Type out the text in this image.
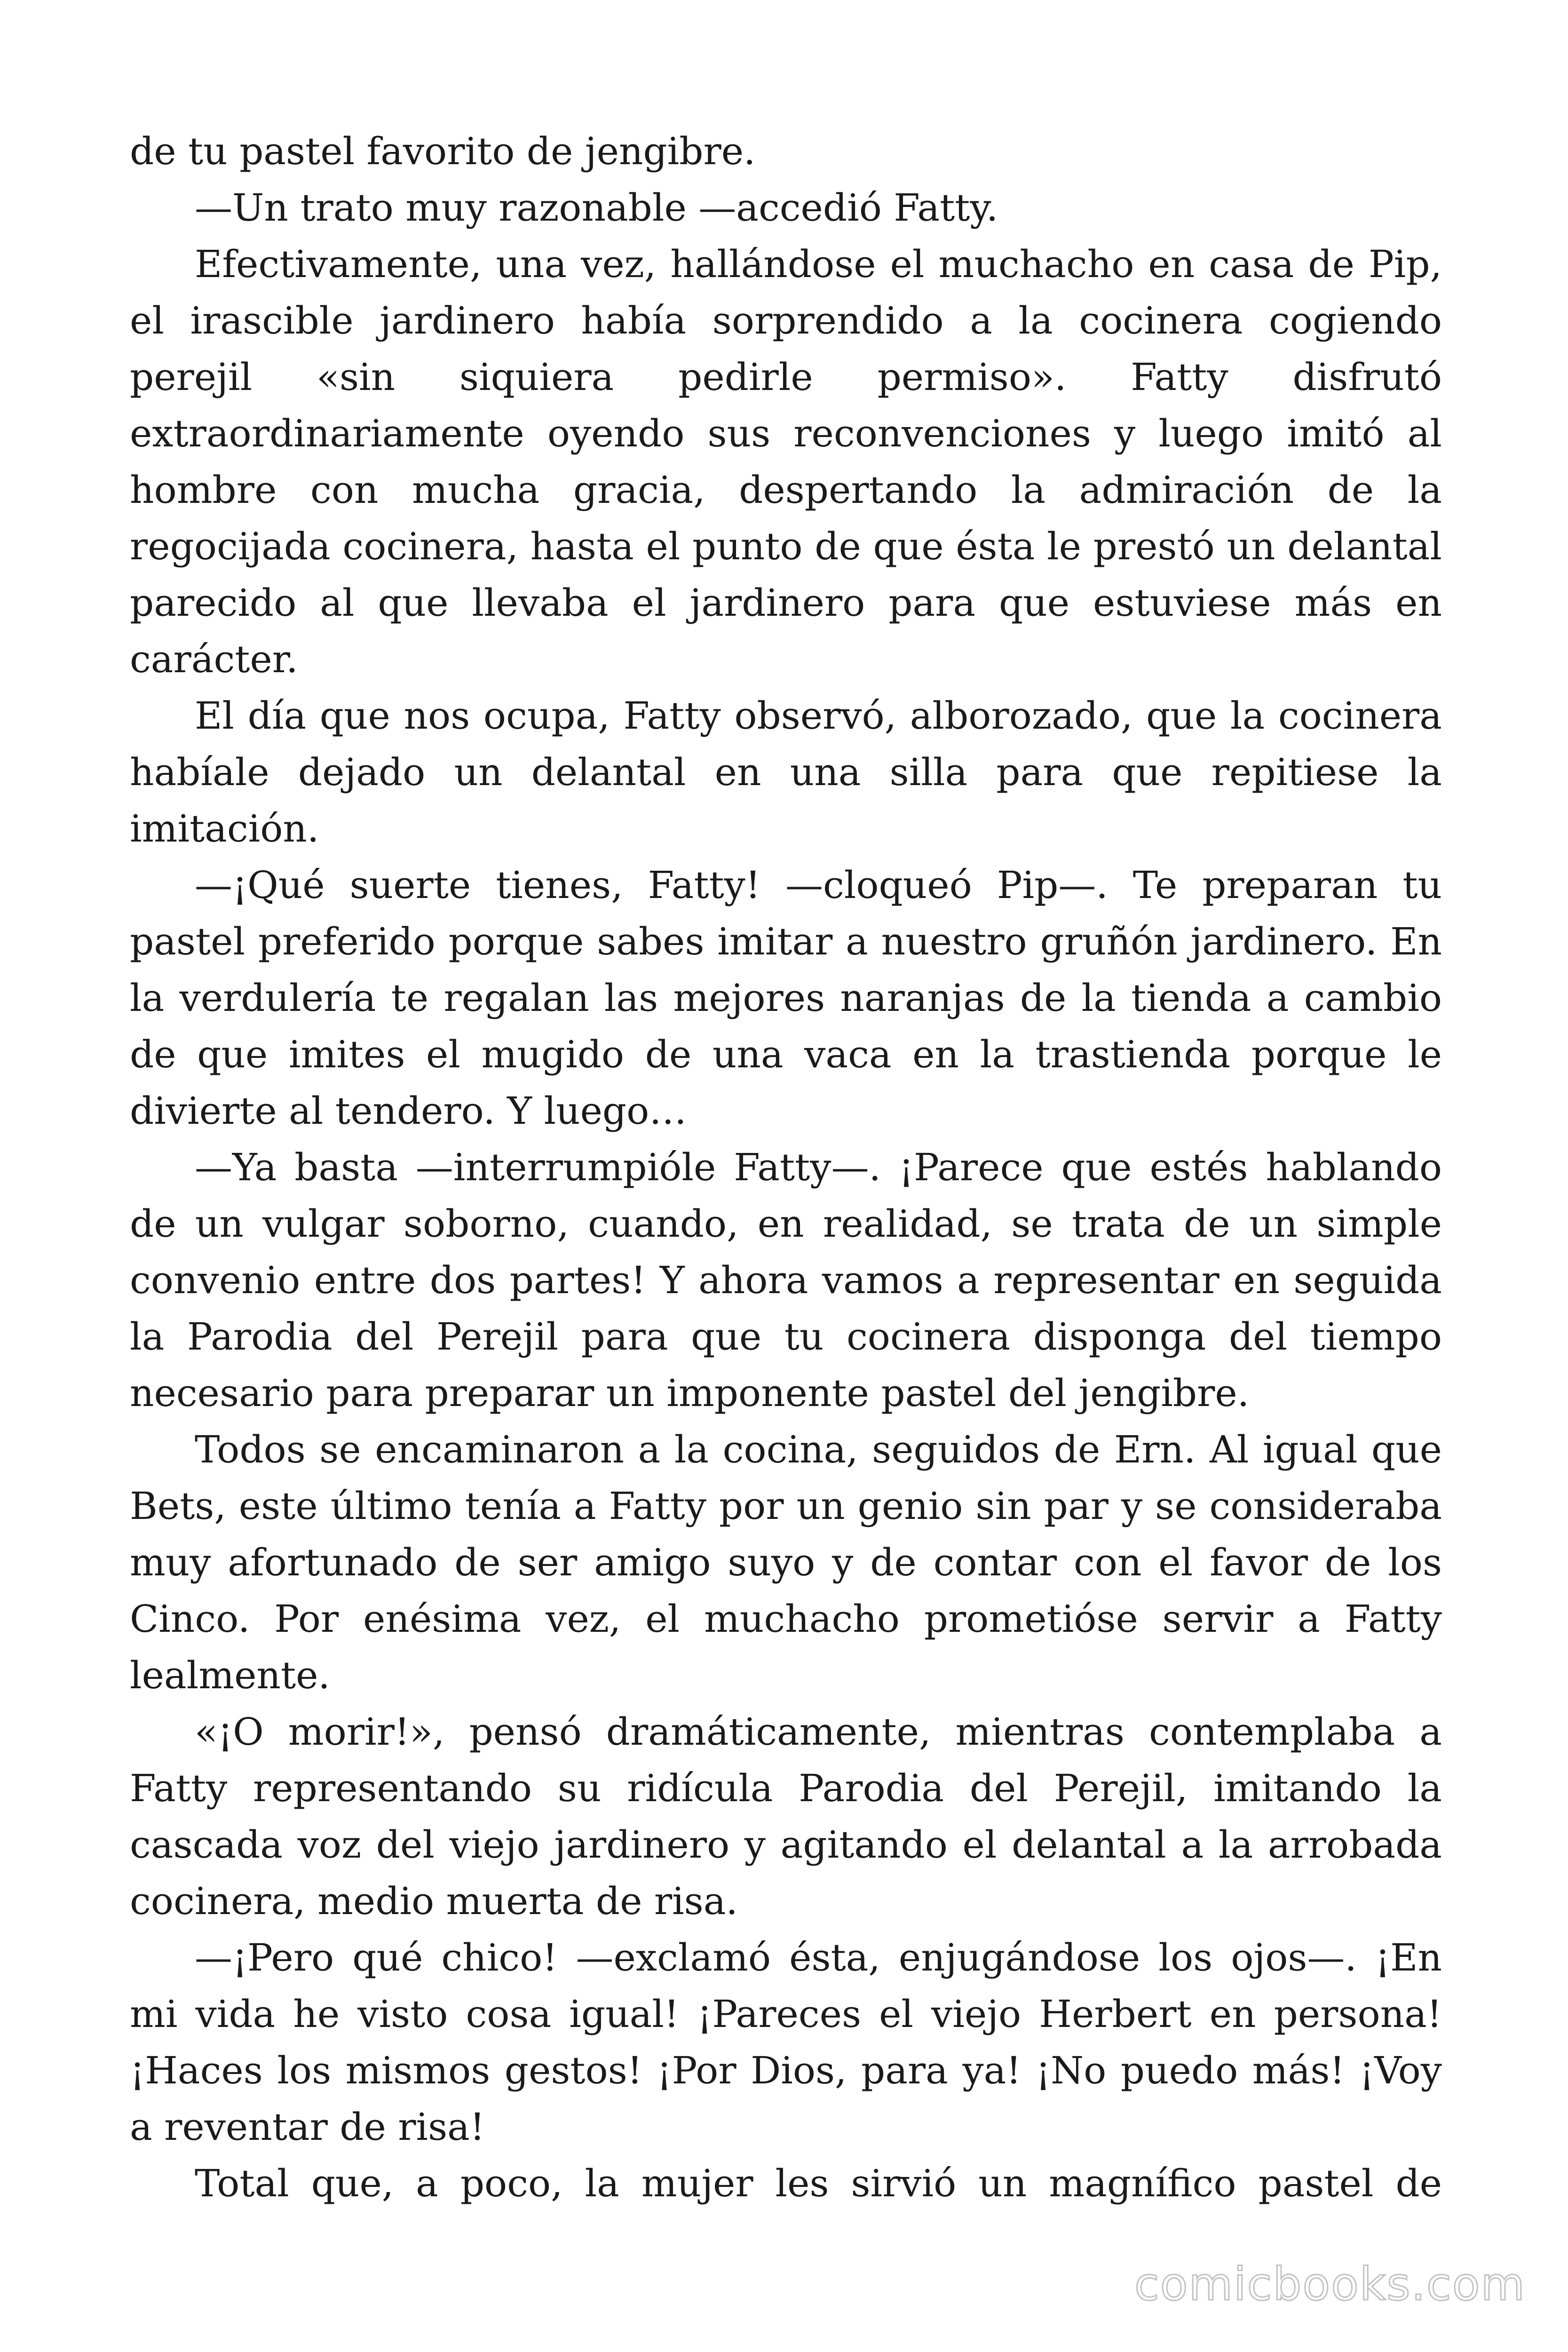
de tu pastel favorito de jengibre.
—Un trato muy razonable —accedió Fatty.
Efectivamente, una vez, hallándose el muchacho en casa de Pip,
el irascible jardinero había sorprendido a la cocinera cogiendo
perejil «sin siquiera pedirle permiso». Fatty disfrutó
extraordinariamente oyendo sus reconvenciones y luego imitó al
hombre con mucha gracia, despertando la admiración de la
regocijada cocinera, hasta el punto de que ésta le prestó un delantal
parecido al que llevaba el jardinero para que estuviese más en
carácter.
El día que nos ocupa, Fatty observó, alborozado, que la cocinera
habíale dejado un delantal en una silla para que repitiese la
imitación.
—¡Qué suerte tienes, Fatty! —cloqueó Pip—. Te preparan tu
pastel preferido porque sabes imitar a nuestro gruñón jardinero. En
la verdulería te regalan las mejores naranjas de la tienda a cambio
de que imites el mugido de una vaca en la trastienda porque le
divierte al tendero. Y luego…
—Ya basta —interrumpióle Fatty—. ¡Parece que estés hablando
de un vulgar soborno, cuando, en realidad, se trata de un simple
convenio entre dos partes! Y ahora vamos a representar en seguida
la Parodia del Perejil para que tu cocinera disponga del tiempo
necesario para preparar un imponente pastel del jengibre.
Todos se encaminaron a la cocina, seguidos de Ern. Al igual que
Bets, este último tenía a Fatty por un genio sin par y se consideraba
muy afortunado de ser amigo suyo y de contar con el favor de los
Cinco. Por enésima vez, el muchacho prometióse servir a Fatty
lealmente.
«¡O morir!», pensó dramáticamente, mientras contemplaba a
Fatty representando su ridícula Parodia del Perejil, imitando la
cascada voz del viejo jardinero y agitando el delantal a la arrobada
cocinera, medio muerta de risa.
—¡Pero qué chico! —exclamó ésta, enjugándose los ojos—. ¡En
mi vida he visto cosa igual! ¡Pareces el viejo Herbert en persona!
¡Haces los mismos gestos! ¡Por Dios, para ya! ¡No puedo más! ¡Voy
a reventar de risa!
Total que, a poco, la mujer les sirvió un magnífico pastel de
comicbooks.com
